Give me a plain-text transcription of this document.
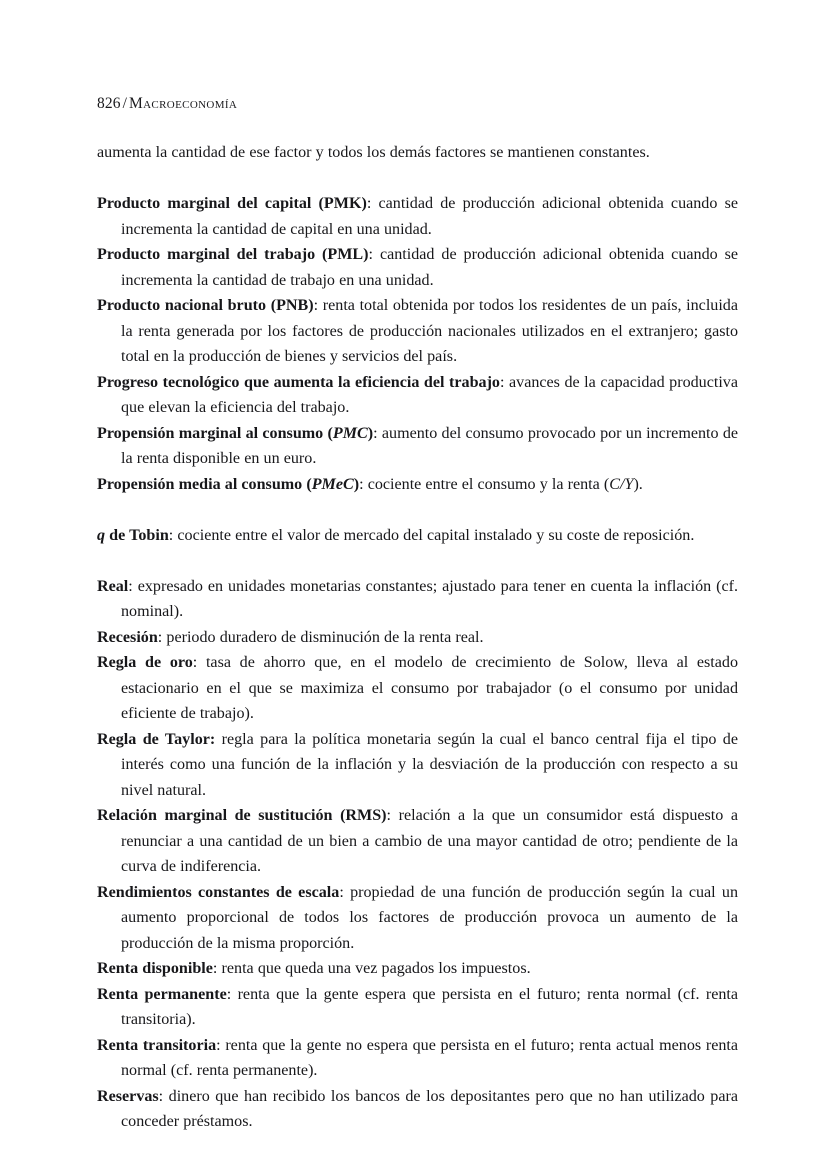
826 / Macroeconomía

aumenta la cantidad de ese factor y todos los demás factores se mantienen constantes.

Producto marginal del capital (PMK): cantidad de producción adicional obtenida cuando se incrementa la cantidad de capital en una unidad.

Producto marginal del trabajo (PML): cantidad de producción adicional obtenida cuando se incrementa la cantidad de trabajo en una unidad.

Producto nacional bruto (PNB): renta total obtenida por todos los residentes de un país, incluida la renta generada por los factores de producción nacionales utilizados en el extranjero; gasto total en la producción de bienes y servicios del país.

Progreso tecnológico que aumenta la eficiencia del trabajo: avances de la capacidad productiva que elevan la eficiencia del trabajo.

Propensión marginal al consumo (PMC): aumento del consumo provocado por un incremento de la renta disponible en un euro.

Propensión media al consumo (PMeC): cociente entre el consumo y la renta (C/Y).

q de Tobin: cociente entre el valor de mercado del capital instalado y su coste de reposición.

Real: expresado en unidades monetarias constantes; ajustado para tener en cuenta la inflación (cf. nominal).

Recesión: periodo duradero de disminución de la renta real.

Regla de oro: tasa de ahorro que, en el modelo de crecimiento de Solow, lleva al estado estacionario en el que se maximiza el consumo por trabajador (o el consumo por unidad eficiente de trabajo).

Regla de Taylor: regla para la política monetaria según la cual el banco central fija el tipo de interés como una función de la inflación y la desviación de la producción con respecto a su nivel natural.

Relación marginal de sustitución (RMS): relación a la que un consumidor está dispuesto a renunciar a una cantidad de un bien a cambio de una mayor cantidad de otro; pendiente de la curva de indiferencia.

Rendimientos constantes de escala: propiedad de una función de producción según la cual un aumento proporcional de todos los factores de producción provoca un aumento de la producción de la misma proporción.

Renta disponible: renta que queda una vez pagados los impuestos.

Renta permanente: renta que la gente espera que persista en el futuro; renta normal (cf. renta transitoria).

Renta transitoria: renta que la gente no espera que persista en el futuro; renta actual menos renta normal (cf. renta permanente).

Reservas: dinero que han recibido los bancos de los depositantes pero que no han utilizado para conceder préstamos.
